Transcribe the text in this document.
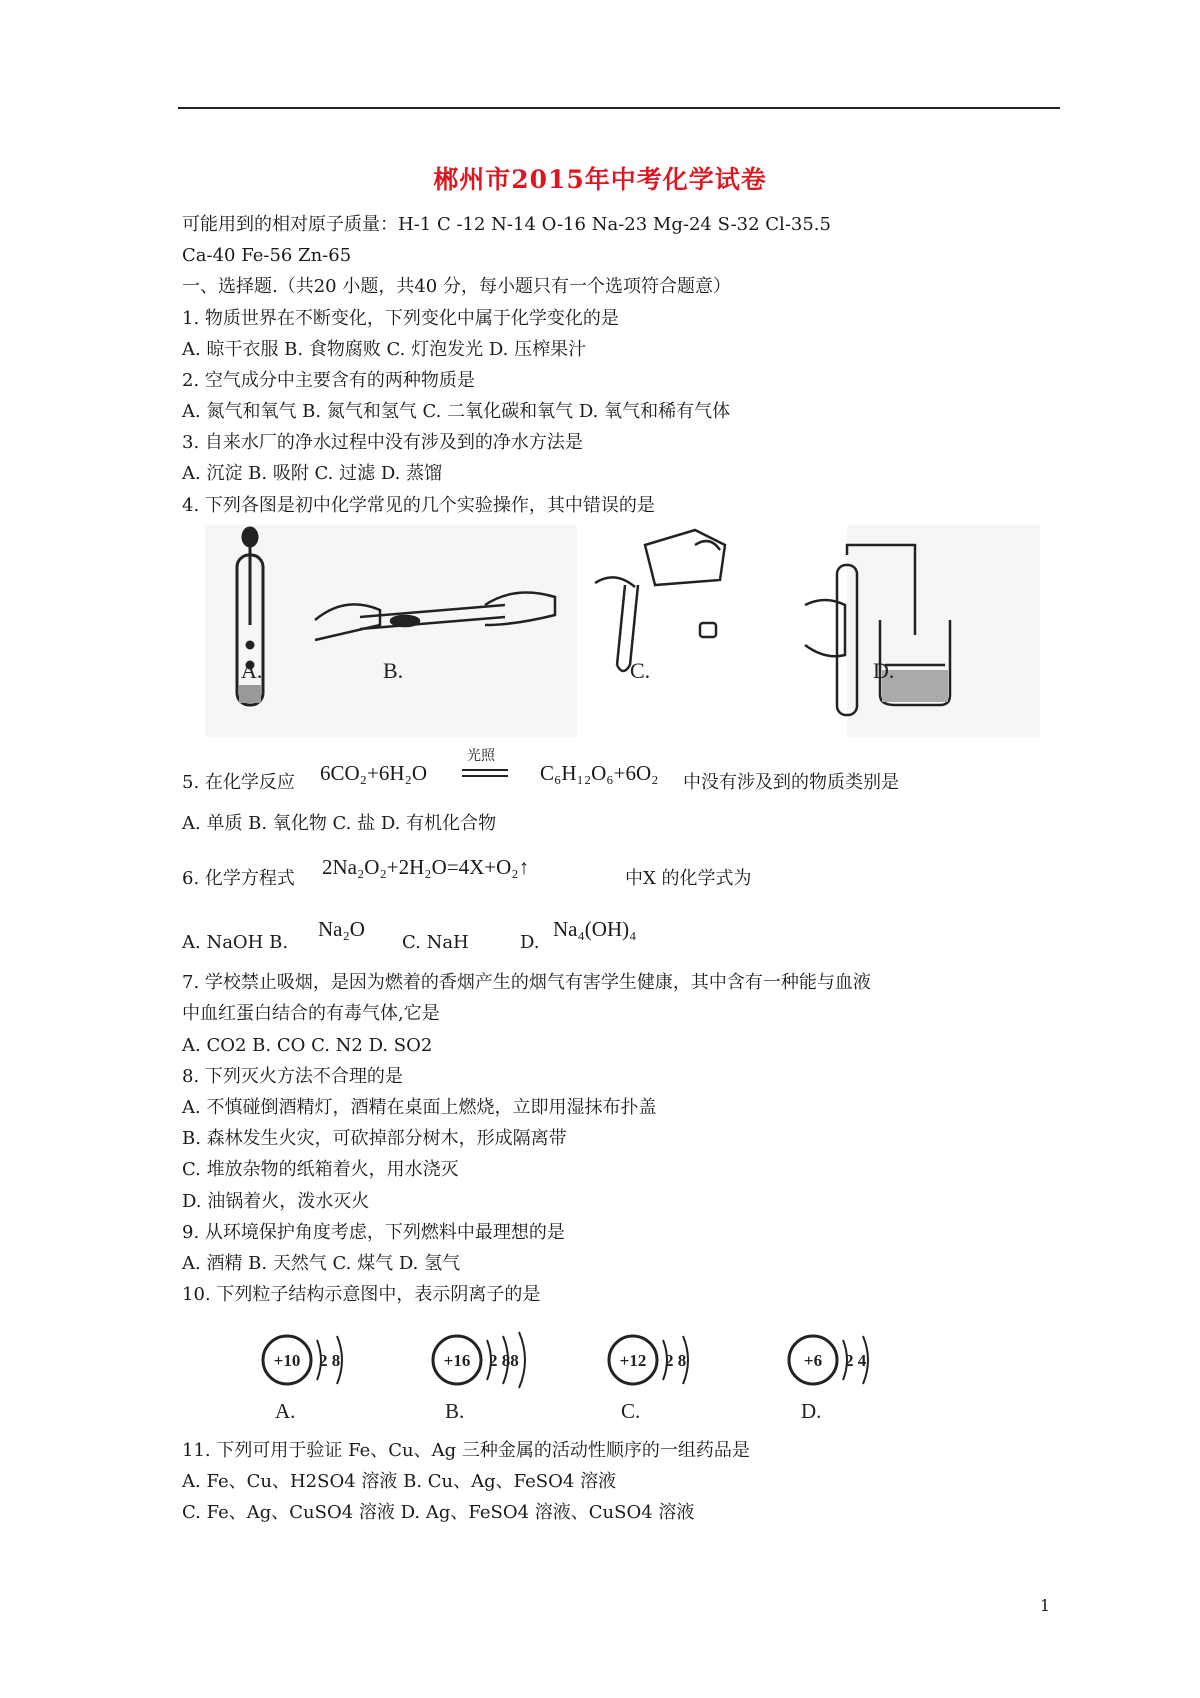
郴州市2015年中考化学试卷
可能用到的相对原子质量：H-1 C -12 N-14 O-16 Na-23 Mg-24 S-32 Cl-35.5
Ca-40 Fe-56 Zn-65
一、选择题.（共20 小题，共40 分，每小题只有一个选项符合题意）
1. 物质世界在不断变化，下列变化中属于化学变化的是
A. 晾干衣服 B. 食物腐败 C. 灯泡发光 D. 压榨果汁
2. 空气成分中主要含有的两种物质是
A. 氮气和氧气 B. 氮气和氢气 C. 二氧化碳和氧气 D. 氧气和稀有气体
3. 自来水厂的净水过程中没有涉及到的净水方法是
A. 沉淀 B. 吸附 C. 过滤 D. 蒸馏
4. 下列各图是初中化学常见的几个实验操作，其中错误的是
A.	B.	C.	D.
5. 在化学反应 6CO₂+6H₂O
光照
C₆H₁₂O₆+6O₂ 中没有涉及到的物质类别是
A. 单质 B. 氧化物 C. 盐 D. 有机化合物
6. 化学方程式 2Na₂O₂+2H₂O=4X+O₂↑	中X 的化学式为
A. NaOH B.
Na₂O
C. NaH	D.
Na₄(OH)₄
7. 学校禁止吸烟，是因为燃着的香烟产生的烟气有害学生健康，其中含有一种能与血液
中血红蛋白结合的有毒气体,它是
A. CO2 B. CO C. N2 D. SO2
8. 下列灭火方法不合理的是
A. 不慎碰倒酒精灯，酒精在桌面上燃烧，立即用湿抹布扑盖
B. 森林发生火灾，可砍掉部分树木，形成隔离带
C. 堆放杂物的纸箱着火，用水浇灭
D. 油锅着火，泼水灭火
9. 从环境保护角度考虑，下列燃料中最理想的是
A. 酒精 B. 天然气 C. 煤气 D. 氢气
10. 下列粒子结构示意图中，表示阴离子的是
+10 2 8
A.
+16 2 88
B.
+12 2 8
C.
+6 2 4
D.
11. 下列可用于验证 Fe、Cu、Ag 三种金属的活动性顺序的一组药品是
A. Fe、Cu、H2SO4 溶液 B. Cu、Ag、FeSO4 溶液
C. Fe、Ag、CuSO4 溶液 D. Ag、FeSO4 溶液、CuSO4 溶液
1
